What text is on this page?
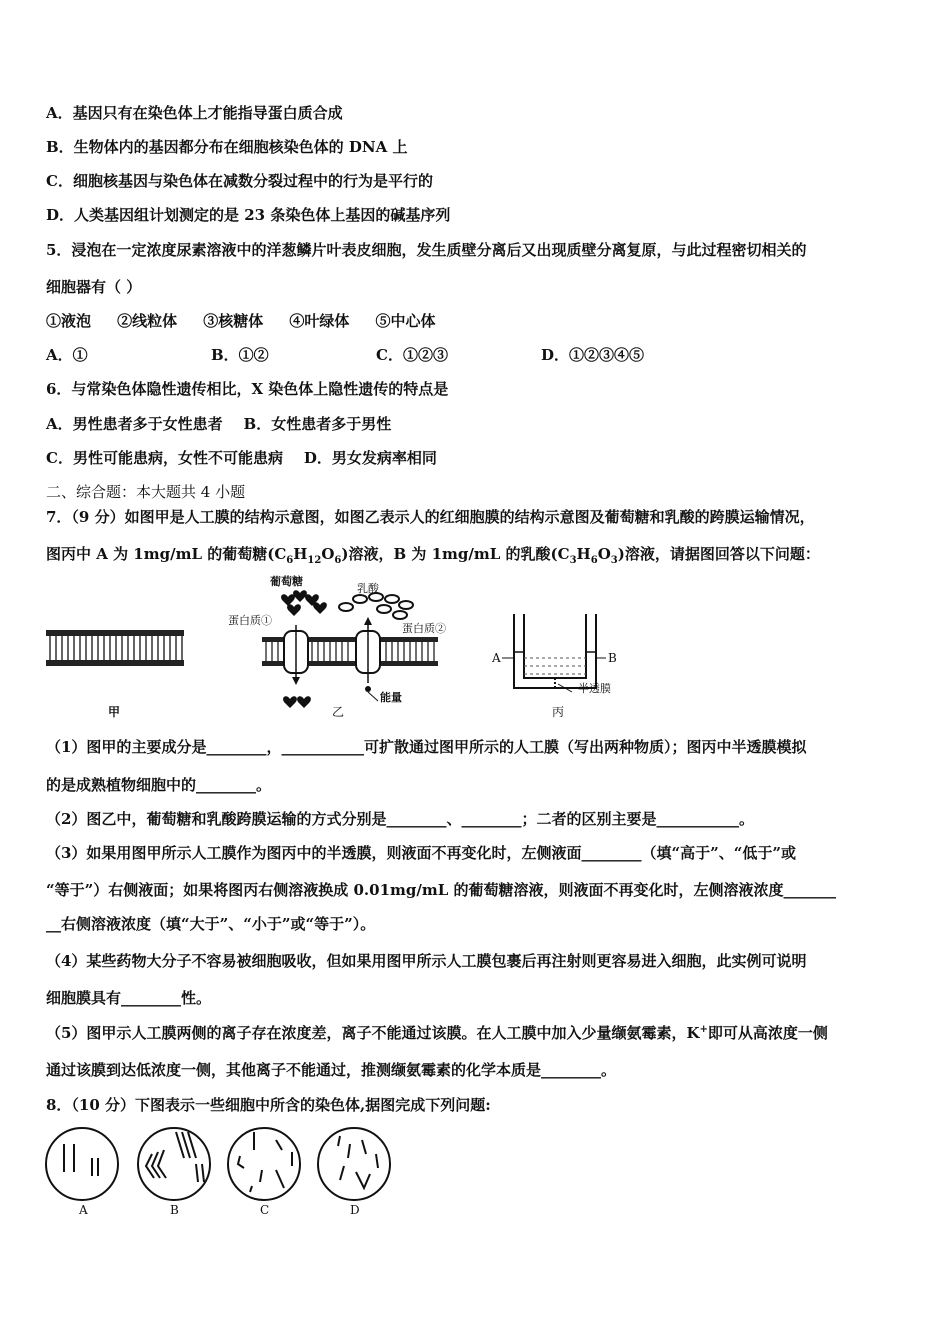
A．基因只有在染色体上才能指导蛋白质合成
B．生物体内的基因都分布在细胞核染色体的 DNA 上
C．细胞核基因与染色体在减数分裂过程中的行为是平行的
D．人类基因组计划测定的是 23 条染色体上基因的碱基序列
5．浸泡在一定浓度尿素溶液中的洋葱鳞片叶表皮细胞，发生质壁分离后又出现质壁分离复原，与此过程密切相关的
细胞器有（ ）
①液泡     ②线粒体     ③核糖体     ④叶绿体     ⑤中心体
A．①	B．①②	C．①②③	D．①②③④⑤
6．与常染色体隐性遗传相比，X 染色体上隐性遗传的特点是
A．男性患者多于女性患者    B．女性患者多于男性
C．男性可能患病，女性不可能患病    D．男女发病率相同
二、综合题：本大题共 4 小题
7．（9 分）如图甲是人工膜的结构示意图，如图乙表示人的红细胞膜的结构示意图及葡萄糖和乳酸的跨膜运输情况，
图丙中 A 为 1mg/mL 的葡萄糖$(C_6H_{12}O_6)$溶液，B 为 1mg/mL 的乳酸$(C_3H_6O_3)$溶液，请据图回答以下问题：
甲
葡萄糖
乳酸
蛋白质①
蛋白质②
能量
乙
A	B
半透膜
丙
（1）图甲的主要成分是________，___________可扩散通过图甲所示的人工膜（写出两种物质）；图丙中半透膜模拟
的是成熟植物细胞中的________。
（2）图乙中，葡萄糖和乳酸跨膜运输的方式分别是________、________；二者的区别主要是___________。
（3）如果用图甲所示人工膜作为图丙中的半透膜，则液面不再变化时，左侧液面________（填“高于”、“低于”或
“等于”）右侧液面；如果将图丙右侧溶液换成 0.01mg/mL 的葡萄糖溶液，则液面不再变化时，左侧溶液浓度_______
__右侧溶液浓度（填“大于”、“小于”或“等于”）。
（4）某些药物大分子不容易被细胞吸收，但如果用图甲所示人工膜包裹后再注射则更容易进入细胞，此实例可说明
细胞膜具有________性。
（5）图甲示人工膜两侧的离子存在浓度差，离子不能通过该膜。在人工膜中加入少量缬氨霉素，K+即可从高浓度一侧
通过该膜到达低浓度一侧，其他离子不能通过，推测缬氨霉素的化学本质是________。
8．（10 分）下图表示一些细胞中所含的染色体,据图完成下列问题:
A	B	C	D
